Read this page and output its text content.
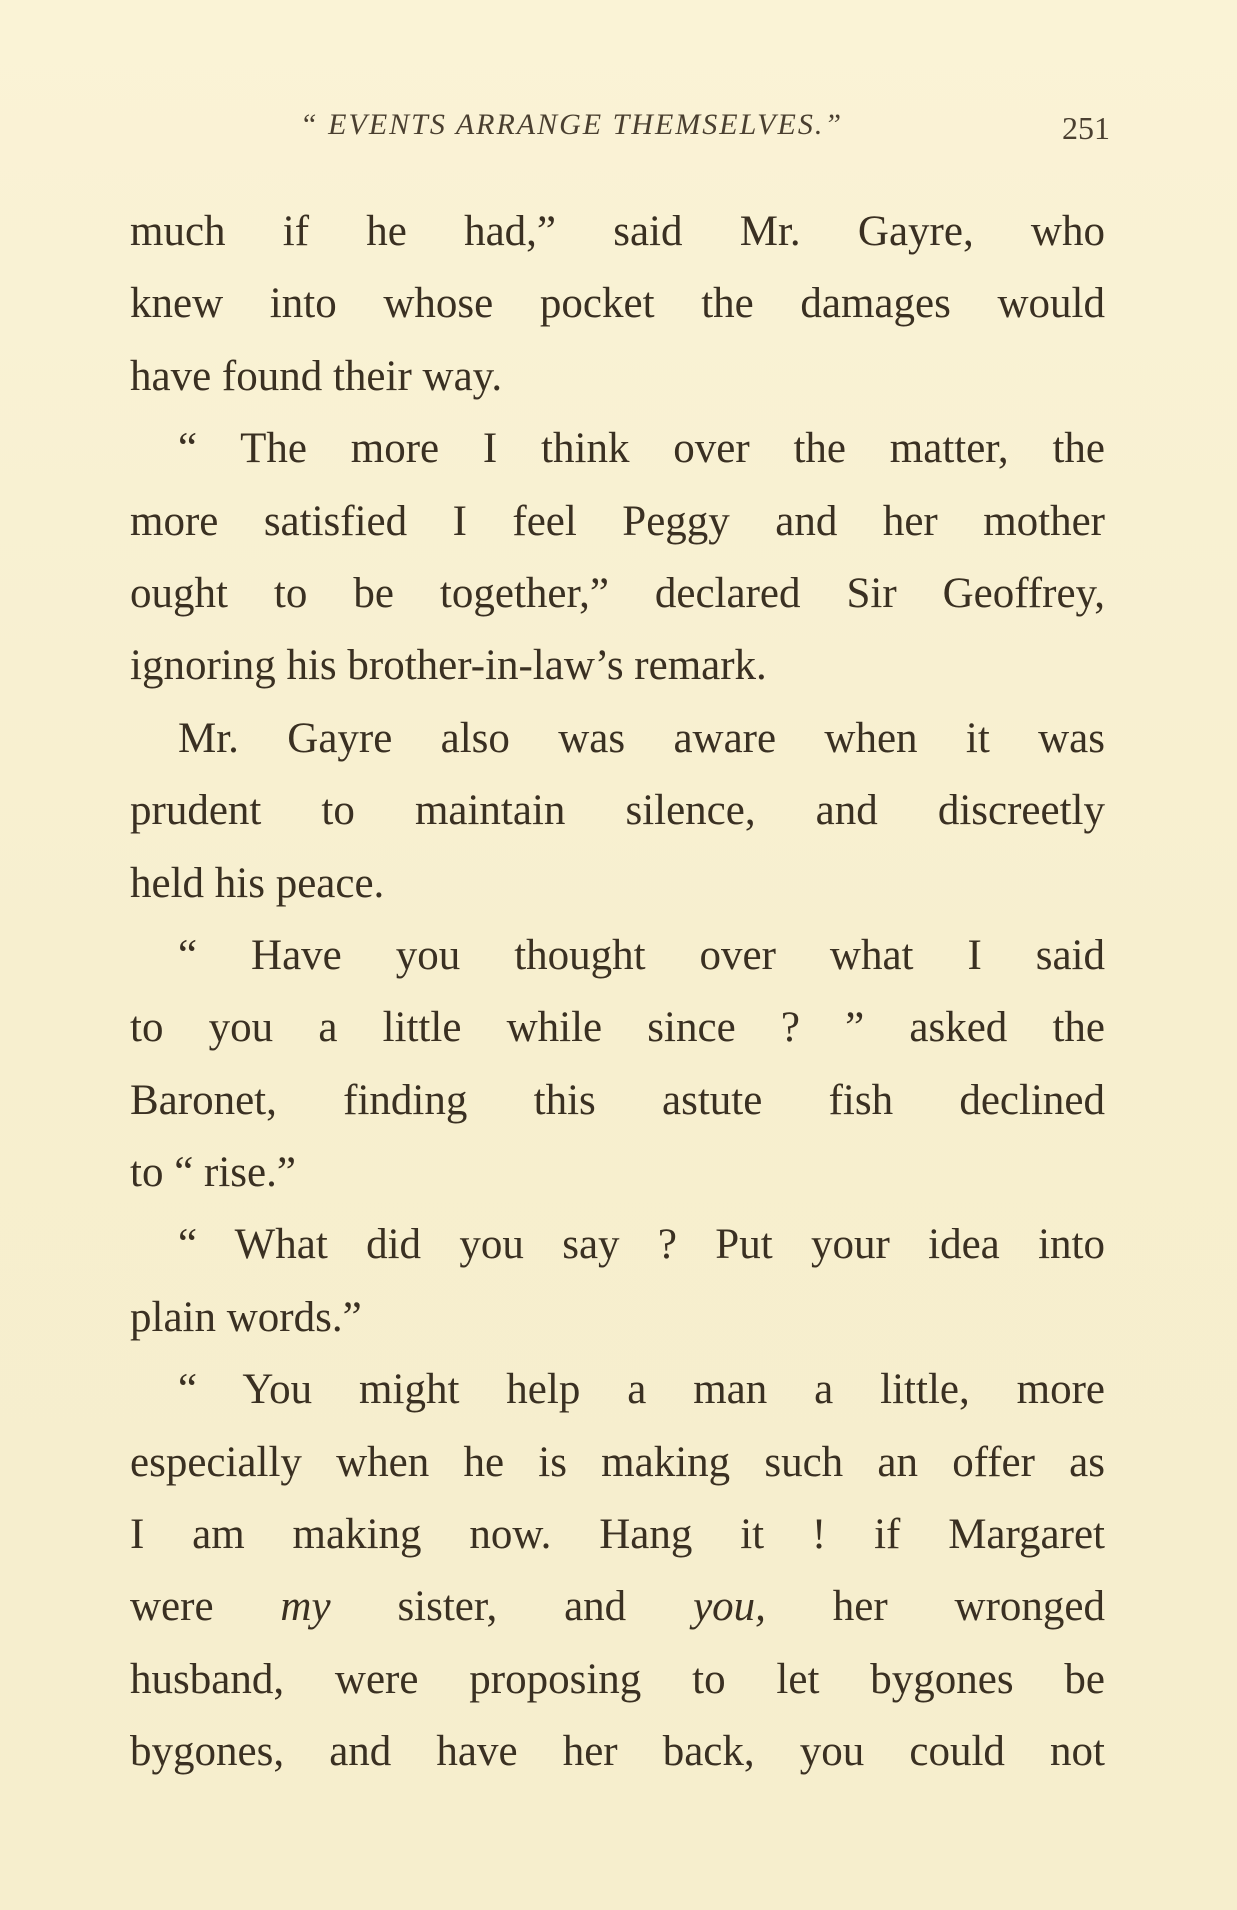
“ EVENTS ARRANGE THEMSELVES.”	251
much if he had,” said Mr. Gayre, who
knew into whose pocket the damages would
have found their way.
“ The more I think over the matter, the
more satisfied I feel Peggy and her mother
ought to be together,” declared Sir Geoffrey,
ignoring his brother-in-law’s remark.
Mr. Gayre also was aware when it was
prudent to maintain silence, and discreetly
held his peace.
“ Have you thought over what I said
to you a little while since ? ” asked the
Baronet, finding this astute fish declined
to “ rise.”
“ What did you say ? Put your idea into
plain words.”
“ You might help a man a little, more
especially when he is making such an offer as
I am making now. Hang it ! if Margaret
were my sister, and you, her wronged
husband, were proposing to let bygones be
bygones, and have her back, you could not
